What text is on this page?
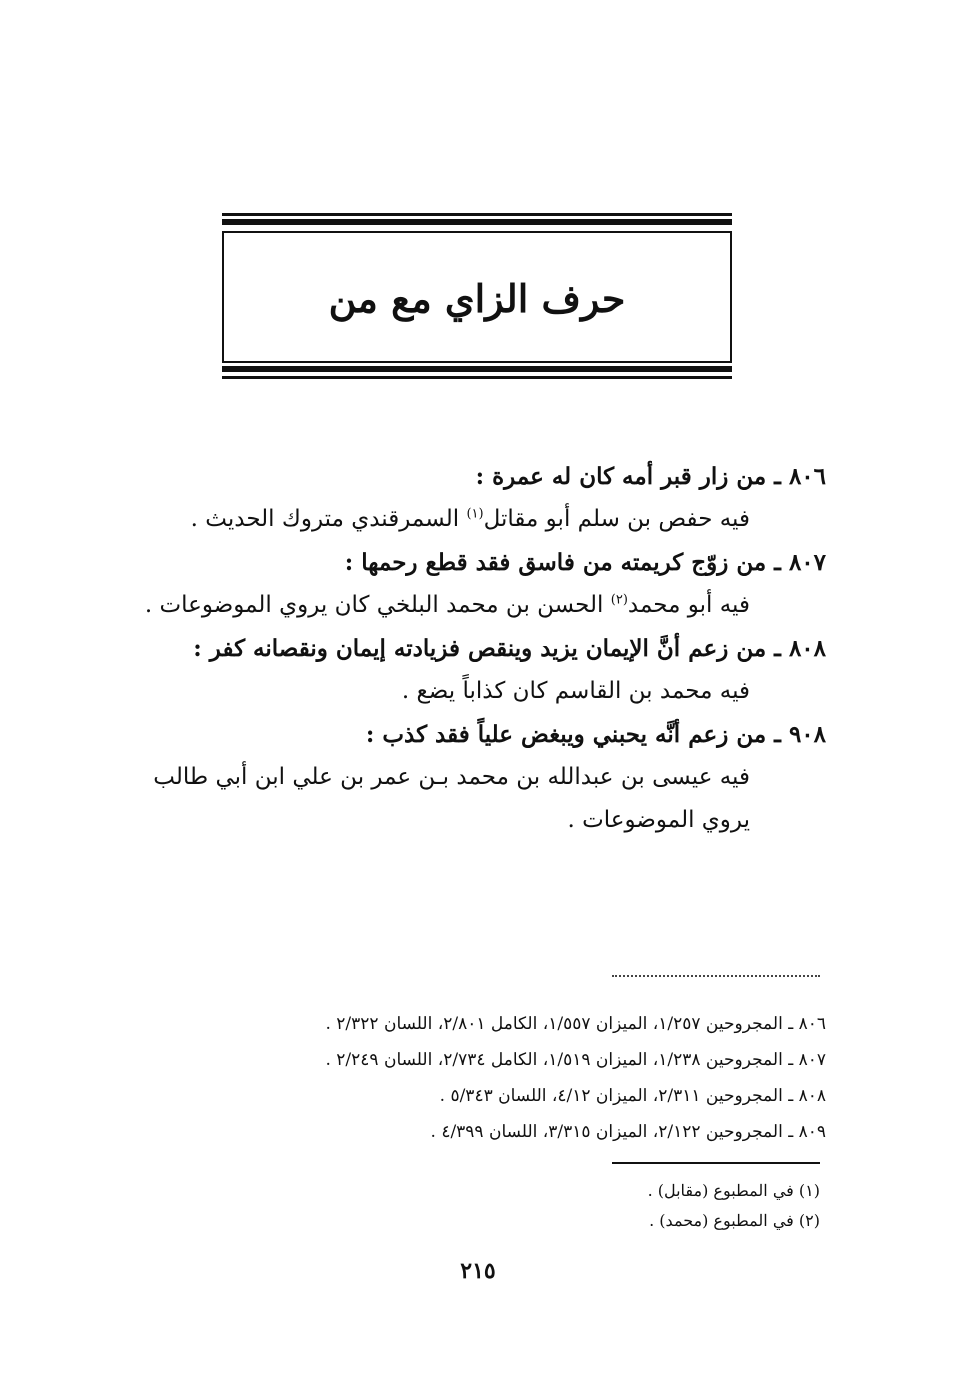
حرف الزاي مع من
٨٠٦ ـ من زار قبر أمه كان له عمرة :
فيه حفص بن سلم أبو مقاتل$^{(١)}$ السمرقندي متروك الحديث .
٨٠٧ ـ من زوّج كريمته من فاسق فقد قطع رحمها :
فيه أبو محمد$^{(٢)}$ الحسن بن محمد البلخي كان يروي الموضوعات .
٨٠٨ ـ من زعم أنَّ الإيمان يزيد وينقص فزيادته إيمان ونقصانه كفر :
فيه محمد بن القاسم كان كذاباً يضع .
٩٠٨ ـ من زعم أنَّه يحبني ويبغض علياً فقد كذب :
فيه عيسى بن عبدالله بن محمد بـن عمر بن علي ابن أبي طالب يروي الموضوعات .
٨٠٦ ـ المجروحين ١/٢٥٧، الميزان ١/٥٥٧، الكامل ٢/٨٠١، اللسان ٢/٣٢٢ .
٨٠٧ ـ المجروحين ١/٢٣٨، الميزان ١/٥١٩، الكامل ٢/٧٣٤، اللسان ٢/٢٤٩ .
٨٠٨ ـ المجروحين ٢/٣١١، الميزان ٤/١٢، اللسان ٥/٣٤٣ .
٨٠٩ ـ المجروحين ٢/١٢٢، الميزان ٣/٣١٥، اللسان ٤/٣٩٩ .
(١) في المطبوع (مقابل) .
(٢) في المطبوع (محمد) .
٢١٥
